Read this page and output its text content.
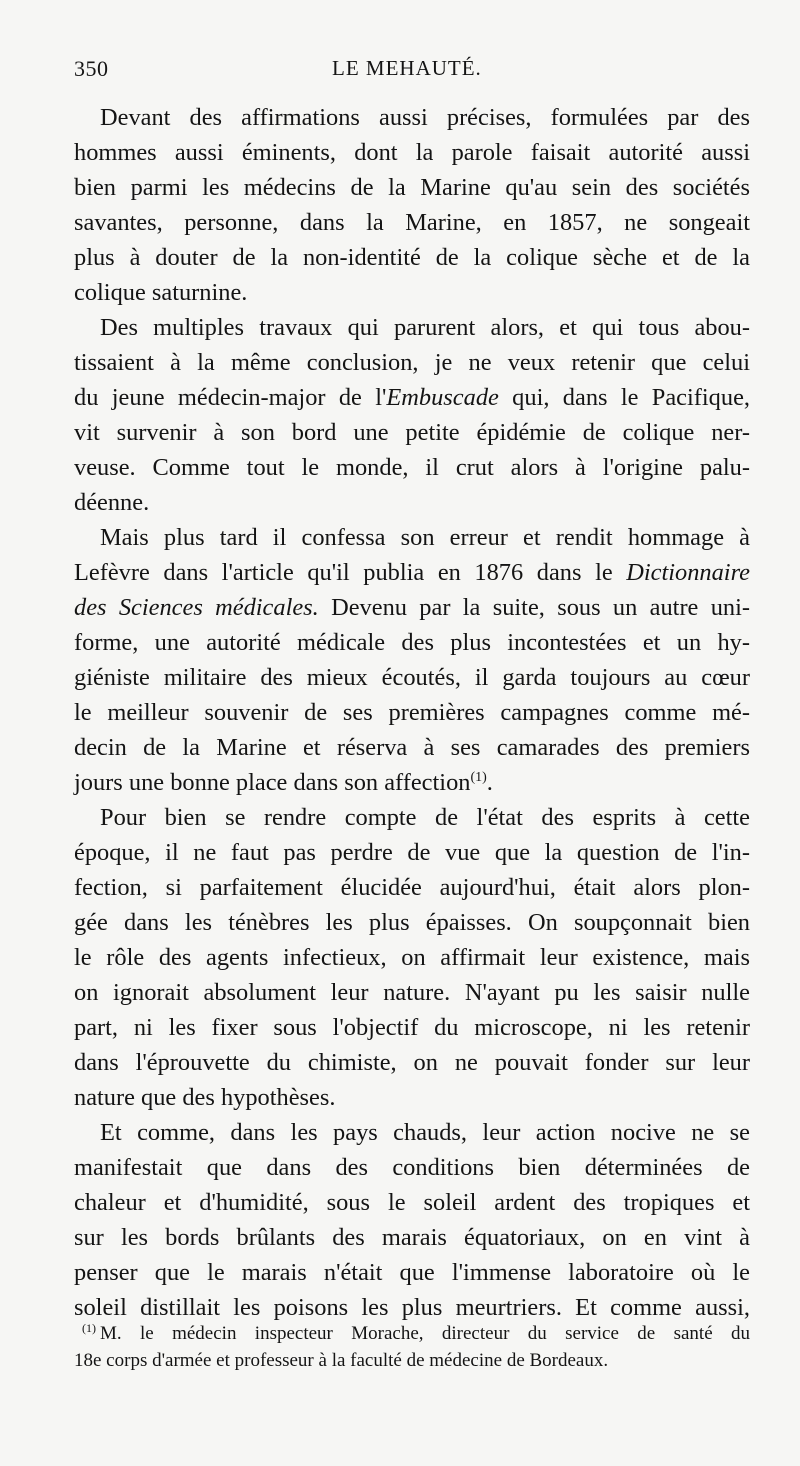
350	LE MEHAUTÉ.

Devant des affirmations aussi précises, formulées par des
hommes aussi éminents, dont la parole faisait autorité aussi
bien parmi les médecins de la Marine qu'au sein des sociétés
savantes, personne, dans la Marine, en 1857, ne songeait
plus à douter de la non-identité de la colique sèche et de la
colique saturnine.

Des multiples travaux qui parurent alors, et qui tous abou-
tissaient à la même conclusion, je ne veux retenir que celui
du jeune médecin-major de l'Embuscade qui, dans le Pacifique,
vit survenir à son bord une petite épidémie de colique ner-
veuse. Comme tout le monde, il crut alors à l'origine palu-
déenne.

Mais plus tard il confessa son erreur et rendit hommage à
Lefèvre dans l'article qu'il publia en 1876 dans le Dictionnaire
des Sciences médicales. Devenu par la suite, sous un autre uni-
forme, une autorité médicale des plus incontestées et un hy-
giéniste militaire des mieux écoutés, il garda toujours au cœur
le meilleur souvenir de ses premières campagnes comme mé-
decin de la Marine et réserva à ses camarades des premiers
jours une bonne place dans son affection$^{(1)}$.

Pour bien se rendre compte de l'état des esprits à cette
époque, il ne faut pas perdre de vue que la question de l'in-
fection, si parfaitement élucidée aujourd'hui, était alors plon-
gée dans les ténèbres les plus épaisses. On soupçonnait bien
le rôle des agents infectieux, on affirmait leur existence, mais
on ignorait absolument leur nature. N'ayant pu les saisir nulle
part, ni les fixer sous l'objectif du microscope, ni les retenir
dans l'éprouvette du chimiste, on ne pouvait fonder sur leur
nature que des hypothèses.

Et comme, dans les pays chauds, leur action nocive ne se
manifestait que dans des conditions bien déterminées de
chaleur et d'humidité, sous le soleil ardent des tropiques et
sur les bords brûlants des marais équatoriaux, on en vint à
penser que le marais n'était que l'immense laboratoire où le
soleil distillait les poisons les plus meurtriers. Et comme aussi,

$^{(1)}$ M. le médecin inspecteur Morache, directeur du service de santé du
18e corps d'armée et professeur à la faculté de médecine de Bordeaux.
